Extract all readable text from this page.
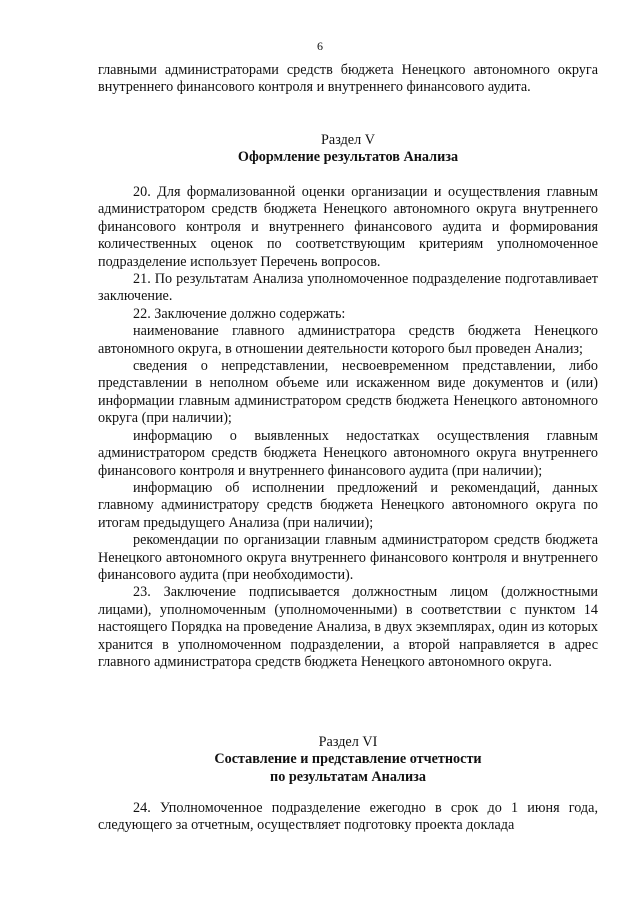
6

главными администраторами средств бюджета Ненецкого автономного округа внутреннего финансового контроля и внутреннего финансового аудита.

Раздел V
Оформление результатов Анализа

20. Для формализованной оценки организации и осуществления главным администратором средств бюджета Ненецкого автономного округа внутреннего финансового контроля и внутреннего финансового аудита и формирования количественных оценок по соответствующим критериям уполномоченное подразделение использует Перечень вопросов.

21. По результатам Анализа уполномоченное подразделение подготавливает заключение.

22. Заключение должно содержать:

наименование главного администратора средств бюджета Ненецкого автономного округа, в отношении деятельности которого был проведен Анализ;

сведения о непредставлении, несвоевременном представлении, либо представлении в неполном объеме или искаженном виде документов и (или) информации главным администратором средств бюджета Ненецкого автономного округа (при наличии);

информацию о выявленных недостатках осуществления главным администратором средств бюджета Ненецкого автономного округа внутреннего финансового контроля и внутреннего финансового аудита (при наличии);

информацию об исполнении предложений и рекомендаций, данных главному администратору средств бюджета Ненецкого автономного округа по итогам предыдущего Анализа (при наличии);

рекомендации по организации главным администратором средств бюджета Ненецкого автономного округа внутреннего финансового контроля и внутреннего финансового аудита (при необходимости).

23. Заключение подписывается должностным лицом (должностными лицами), уполномоченным (уполномоченными) в соответствии с пунктом 14 настоящего Порядка на проведение Анализа, в двух экземплярах, один из которых хранится в уполномоченном подразделении, а второй направляется в адрес главного администратора средств бюджета Ненецкого автономного округа.

Раздел VI
Составление и представление отчетности
по результатам Анализа

24. Уполномоченное подразделение ежегодно в срок до 1 июня года, следующего за отчетным, осуществляет подготовку проекта доклада
